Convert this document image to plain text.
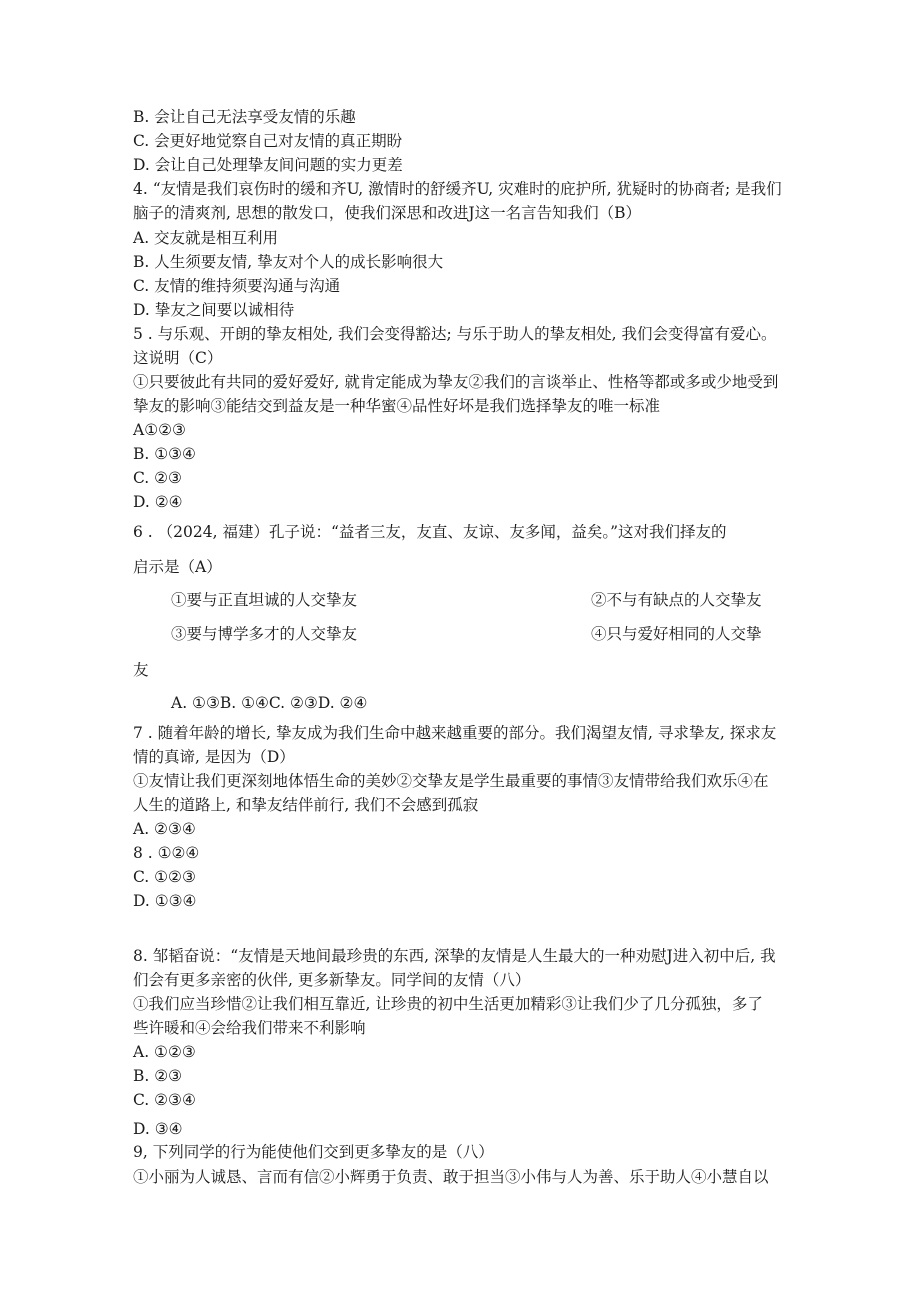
B. 会让自己无法享受友情的乐趣
C. 会更好地觉察自己对友情的真正期盼
D. 会让自己处理挚友间问题的实力更差
4. “友情是我们哀伤时的缓和齐U, 激情时的舒缓齐U, 灾难时的庇护所, 犹疑时的协商者; 是我们
脑子的清爽剂, 思想的散发口，使我们深思和改进J这一名言告知我们（B）
A. 交友就是相互利用
B. 人生须要友情, 挚友对个人的成长影响很大
C. 友情的维持须要沟通与沟通
D. 挚友之间要以诚相待
5 . 与乐观、开朗的挚友相处, 我们会变得豁达; 与乐于助人的挚友相处, 我们会变得富有爱心。
这说明（C）
①只要彼此有共同的爱好爱好, 就肯定能成为挚友②我们的言谈举止、性格等都或多或少地受到
挚友的影响③能结交到益友是一种华蜜④品性好坏是我们选择挚友的唯一标准
A①②③
B. ①③④
C. ②③
D. ②④
6 . （2024, 福建）孔子说：“益者三友，友直、友谅、友多闻，益矣。”这对我们择友的
启示是（A）
①要与正直坦诚的人交挚友	②不与有缺点的人交挚友
③要与博学多才的人交挚友	④只与爱好相同的人交挚
友
A. ①③B. ①④C. ②③D. ②④
7 . 随着年龄的增长, 挚友成为我们生命中越来越重要的部分。我们渴望友情, 寻求挚友, 探求友
情的真谛, 是因为（D）
①友情让我们更深刻地体悟生命的美妙②交挚友是学生最重要的事情③友情带给我们欢乐④在
人生的道路上, 和挚友结伴前行, 我们不会感到孤寂
A. ②③④
8 . ①②④
C. ①②③
D. ①③④
8. 邹韬奋说：“友情是天地间最珍贵的东西, 深挚的友情是人生最大的一种劝慰J进入初中后, 我
们会有更多亲密的伙伴, 更多新挚友。同学间的友情（八）
①我们应当珍惜②让我们相互靠近, 让珍贵的初中生活更加精彩③让我们少了几分孤独，多了
些许暖和④会给我们带来不利影响
A. ①②③
B. ②③
C. ②③④
D. ③④
9, 下列同学的行为能使他们交到更多挚友的是（八）
①小丽为人诚恳、言而有信②小辉勇于负责、敢于担当③小伟与人为善、乐于助人④小慧自以
